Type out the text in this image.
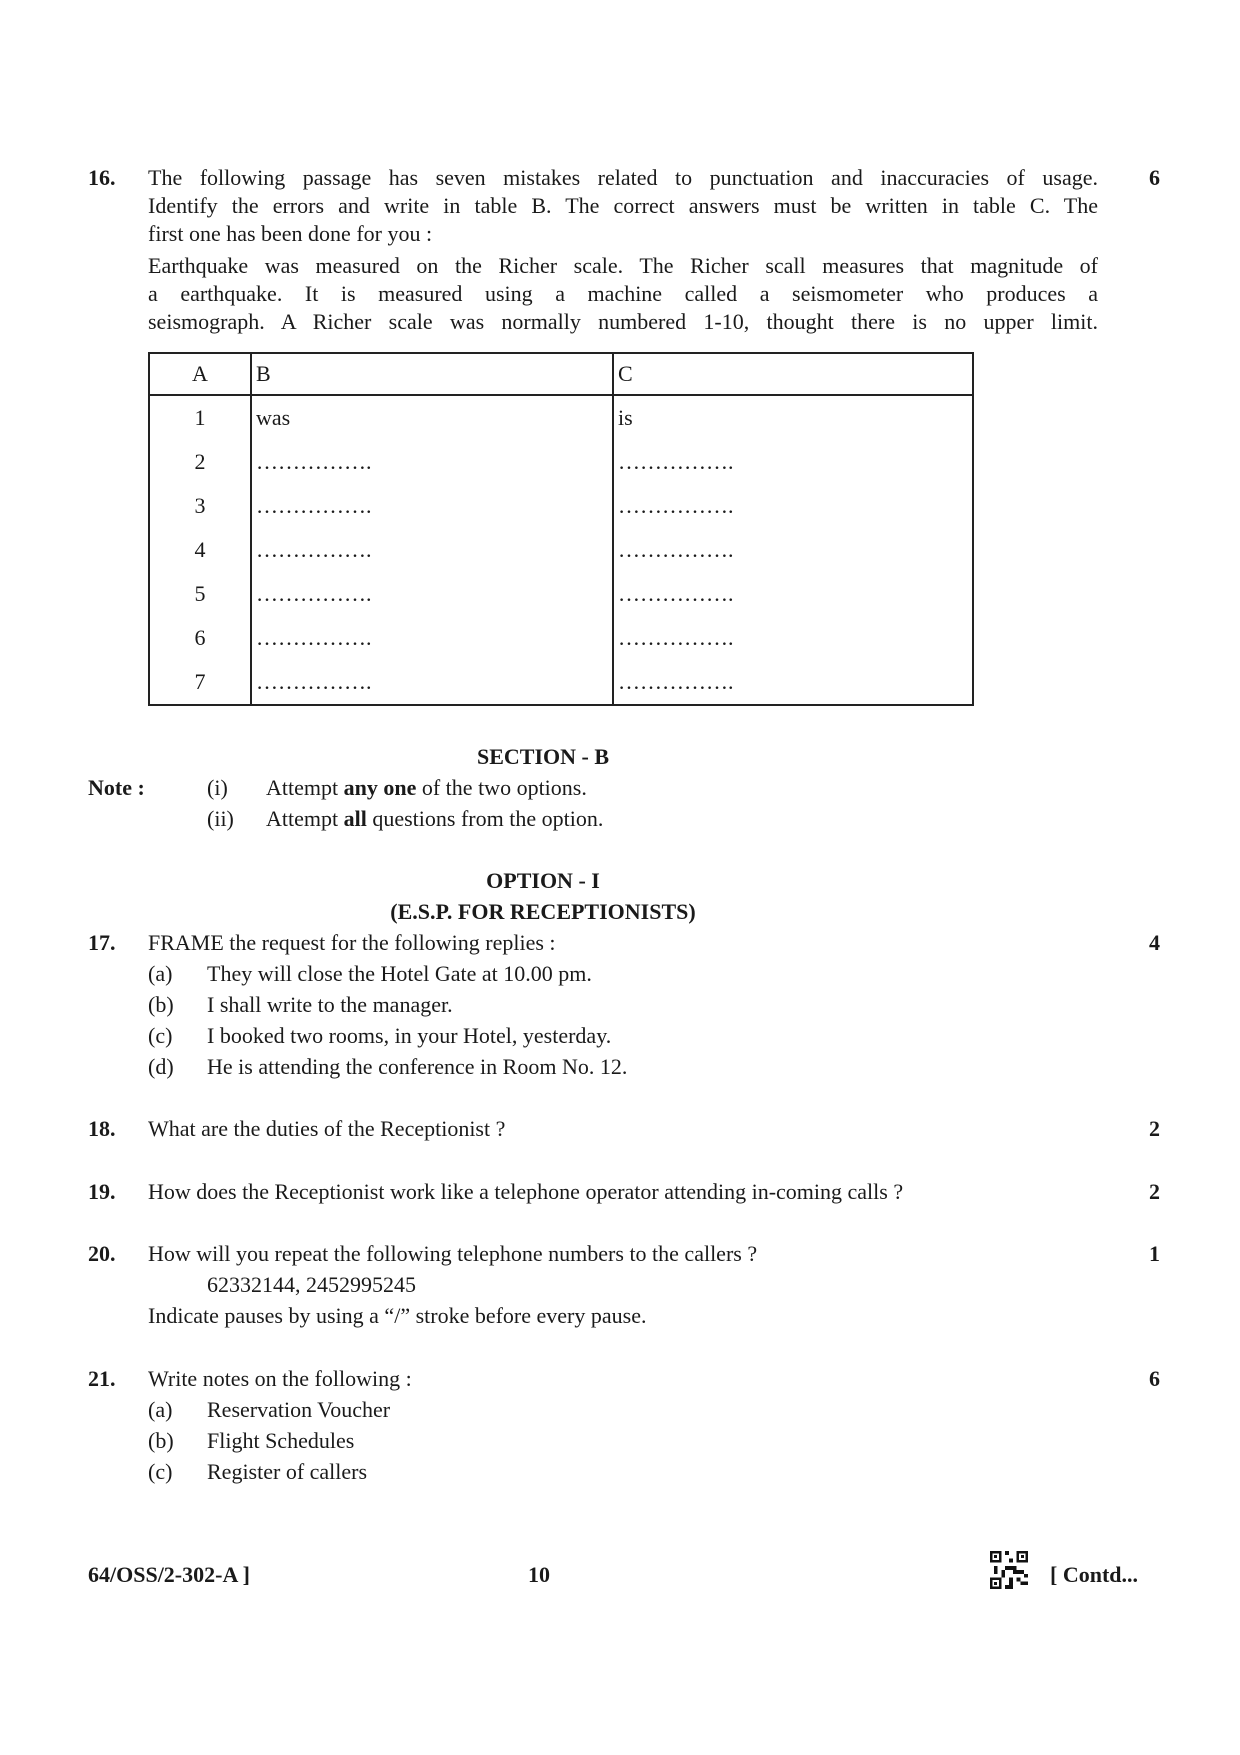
16.	6
The following passage has seven mistakes related to punctuation and inaccuracies of usage.
Identify the errors and write in table B. The correct answers must be written in table C. The
first one has been done for you :
Earthquake was measured on the Richer scale. The Richer scall measures that magnitude of
a earthquake. It is measured using a machine called a seismometer who produces a
seismograph. A Richer scale was normally numbered 1-10, thought there is no upper limit.
A	B	C
1	was	is
2	…………….	…………….
3	…………….	…………….
4	…………….	…………….
5	…………….	…………….
6	…………….	…………….
7	…………….	…………….
SECTION - B
Note :	(i) Attempt any one of the two options.
(ii) Attempt all questions from the option.
OPTION - I
(E.S.P. FOR RECEPTIONISTS)
17.	4
FRAME the request for the following replies :
(a) They will close the Hotel Gate at 10.00 pm.
(b) I shall write to the manager.
(c) I booked two rooms, in your Hotel, yesterday.
(d) He is attending the conference in Room No. 12.
18.	2
What are the duties of the Receptionist ?
19.	2
How does the Receptionist work like a telephone operator attending in-coming calls ?
20.	1
How will you repeat the following telephone numbers to the callers ?
62332144, 2452995245
Indicate pauses by using a “/” stroke before every pause.
21.	6
Write notes on the following :
(a) Reservation Voucher
(b) Flight Schedules
(c) Register of callers
64/OSS/2-302-A ]	10	[ Contd...
